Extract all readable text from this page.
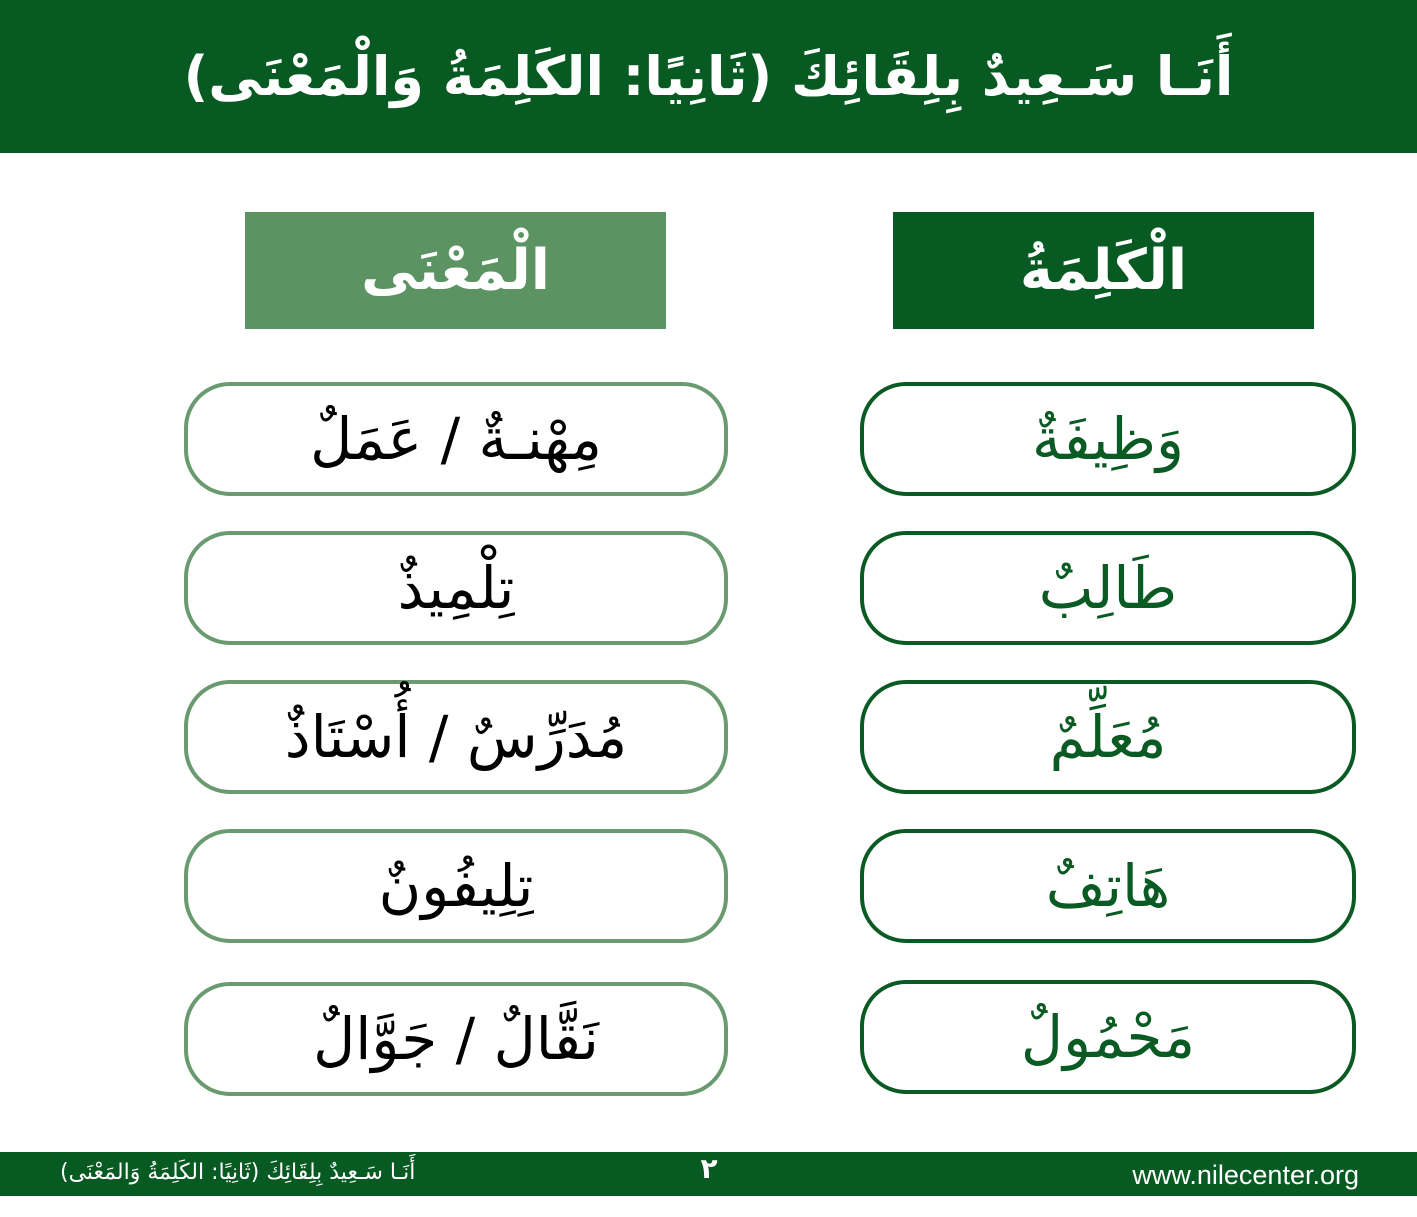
أَنَـا سَـعِيدٌ بِلِقَائِكَ (ثَانِيًا: الكَلِمَةُ وَالْمَعْنَى)
الْمَعْنَى	الْكَلِمَةُ
مِهْنـةٌ / عَمَلٌ	وَظِيفَةٌ
تِلْمِيذٌ	طَالِبٌ
مُدَرِّسٌ / أُسْتَاذٌ	مُعَلِّمٌ
تِلِيفُونٌ	هَاتِفٌ
نَقَّالٌ / جَوَّالٌ	مَحْمُولٌ
أَنَـا سَـعِيدٌ بِلِقَائِكَ (ثَانِيًا: الكَلِمَةُ وَالمَعْنَى)	٢	www.nilecenter.org
